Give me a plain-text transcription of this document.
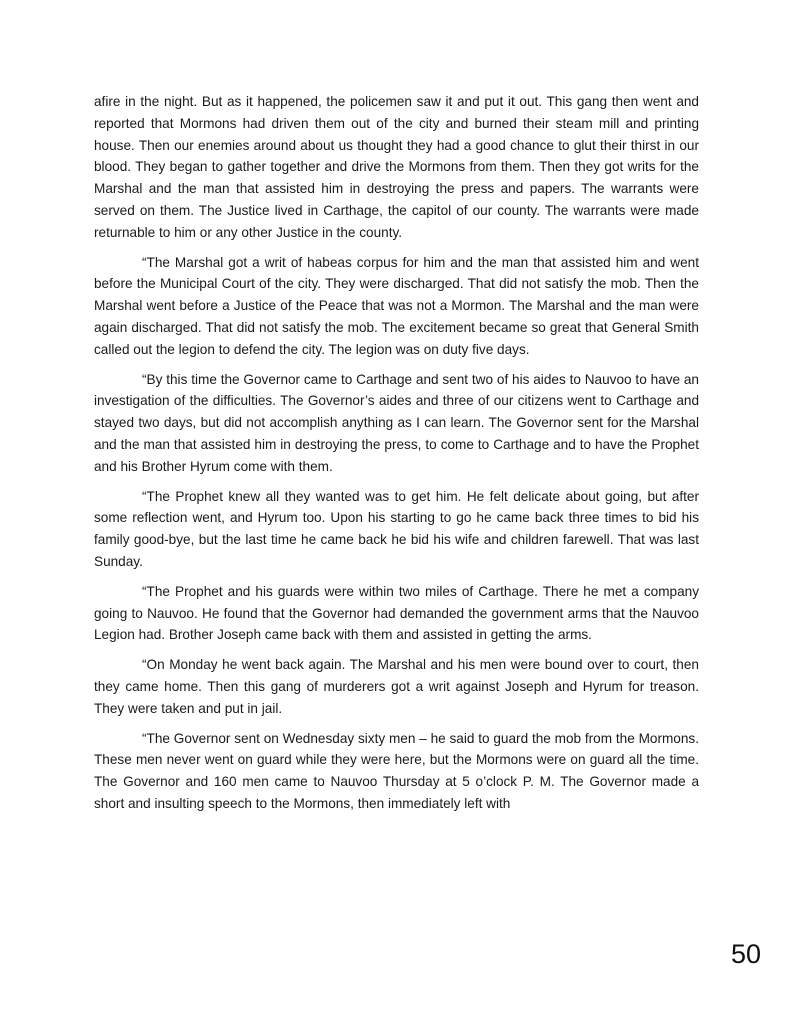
afire in the night. But as it happened, the policemen saw it and put it out. This gang then went and reported that Mormons had driven them out of the city and burned their steam mill and printing house. Then our enemies around about us thought they had a good chance to glut their thirst in our blood. They began to gather together and drive the Mormons from them. Then they got writs for the Marshal and the man that assisted him in destroying the press and papers. The warrants were served on them. The Justice lived in Carthage, the capitol of our county. The warrants were made returnable to him or any other Justice in the county.

“The Marshal got a writ of habeas corpus for him and the man that assisted him and went before the Municipal Court of the city. They were discharged. That did not satisfy the mob. Then the Marshal went before a Justice of the Peace that was not a Mormon. The Marshal and the man were again discharged. That did not satisfy the mob. The excitement became so great that General Smith called out the legion to defend the city. The legion was on duty five days.

“By this time the Governor came to Carthage and sent two of his aides to Nauvoo to have an investigation of the difficulties. The Governor’s aides and three of our citizens went to Carthage and stayed two days, but did not accomplish anything as I can learn. The Governor sent for the Marshal and the man that assisted him in destroying the press, to come to Carthage and to have the Prophet and his Brother Hyrum come with them.

“The Prophet knew all they wanted was to get him. He felt delicate about going, but after some reflection went, and Hyrum too. Upon his starting to go he came back three times to bid his family good-bye, but the last time he came back he bid his wife and children farewell. That was last Sunday.

“The Prophet and his guards were within two miles of Carthage. There he met a company going to Nauvoo. He found that the Governor had demanded the government arms that the Nauvoo Legion had. Brother Joseph came back with them and assisted in getting the arms.

“On Monday he went back again. The Marshal and his men were bound over to court, then they came home. Then this gang of murderers got a writ against Joseph and Hyrum for treason. They were taken and put in jail.

“The Governor sent on Wednesday sixty men – he said to guard the mob from the Mormons. These men never went on guard while they were here, but the Mormons were on guard all the time. The Governor and 160 men came to Nauvoo Thursday at 5 o’clock P. M. The Governor made a short and insulting speech to the Mormons, then immediately left with

50
